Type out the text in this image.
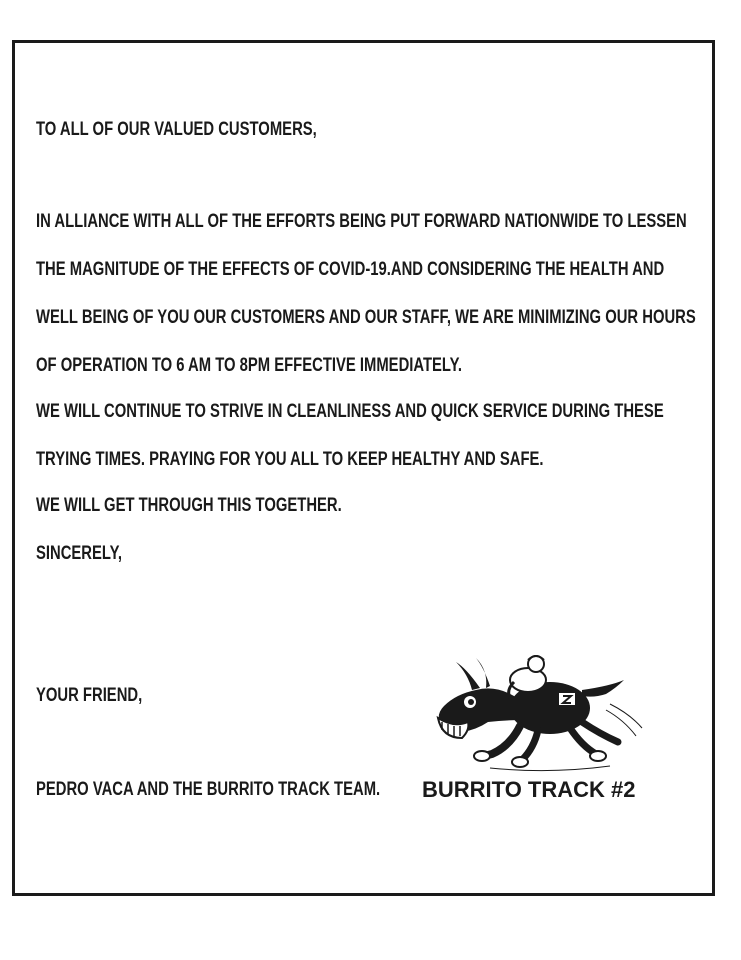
TO ALL OF OUR VALUED CUSTOMERS,

IN ALLIANCE WITH ALL OF THE EFFORTS BEING PUT FORWARD NATIONWIDE TO LESSEN

THE MAGNITUDE OF THE EFFECTS OF COVID-19.AND CONSIDERING THE HEALTH AND

WELL BEING OF YOU OUR CUSTOMERS AND OUR STAFF, WE ARE MINIMIZING OUR HOURS

OF OPERATION TO 6 AM TO 8PM EFFECTIVE IMMEDIATELY.

WE WILL CONTINUE TO STRIVE IN CLEANLINESS AND QUICK SERVICE DURING THESE

TRYING TIMES. PRAYING FOR YOU ALL TO KEEP HEALTHY AND SAFE.

WE WILL GET THROUGH THIS TOGETHER.

SINCERELY,

YOUR FRIEND,

PEDRO VACA AND THE BURRITO TRACK TEAM. BURRITO TRACK #2
